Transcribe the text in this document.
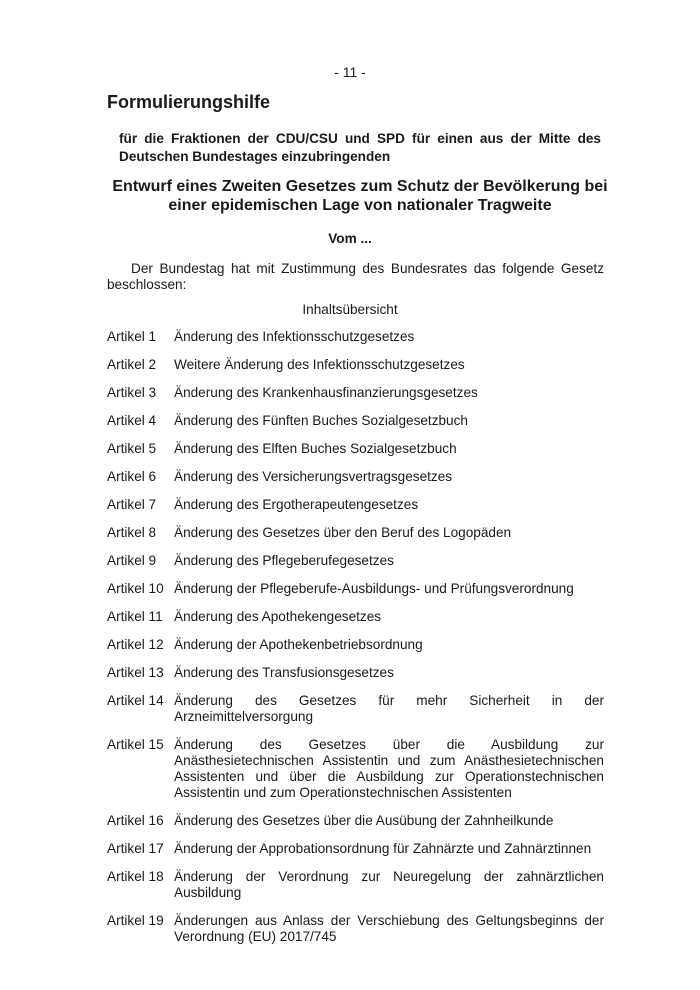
- 11 -
Formulierungshilfe

für die Fraktionen der CDU/CSU und SPD für einen aus der Mitte des Deutschen Bundestages einzubringenden

Entwurf eines Zweiten Gesetzes zum Schutz der Bevölkerung bei einer epidemischen Lage von nationaler Tragweite
Vom ...

Der Bundestag hat mit Zustimmung des Bundesrates das folgende Gesetz beschlossen:

Inhaltsübersicht
Artikel 1	Änderung des Infektionsschutzgesetzes
Artikel 2	Weitere Änderung des Infektionsschutzgesetzes
Artikel 3	Änderung des Krankenhausfinanzierungsgesetzes
Artikel 4	Änderung des Fünften Buches Sozialgesetzbuch
Artikel 5	Änderung des Elften Buches Sozialgesetzbuch
Artikel 6	Änderung des Versicherungsvertragsgesetzes
Artikel 7	Änderung des Ergotherapeutengesetzes
Artikel 8	Änderung des Gesetzes über den Beruf des Logopäden
Artikel 9	Änderung des Pflegeberufegesetzes
Artikel 10 Änderung der Pflegeberufe-Ausbildungs- und Prüfungsverordnung
Artikel 11 Änderung des Apothekengesetzes
Artikel 12 Änderung der Apothekenbetriebsordnung
Artikel 13 Änderung des Transfusionsgesetzes
Artikel 14 Änderung des Gesetzes für mehr Sicherheit in der Arzneimittelversorgung
Artikel 15 Änderung des Gesetzes über die Ausbildung zur Anästhesietechnischen Assistentin und zum Anästhesietechnischen Assistenten und über die Ausbildung zur Operationstechnischen Assistentin und zum Operationstechnischen Assistenten
Artikel 16 Änderung des Gesetzes über die Ausübung der Zahnheilkunde
Artikel 17 Änderung der Approbationsordnung für Zahnärzte und Zahnärztinnen
Artikel 18 Änderung der Verordnung zur Neuregelung der zahnärztlichen Ausbildung
Artikel 19 Änderungen aus Anlass der Verschiebung des Geltungsbeginns der Verordnung (EU) 2017/745
